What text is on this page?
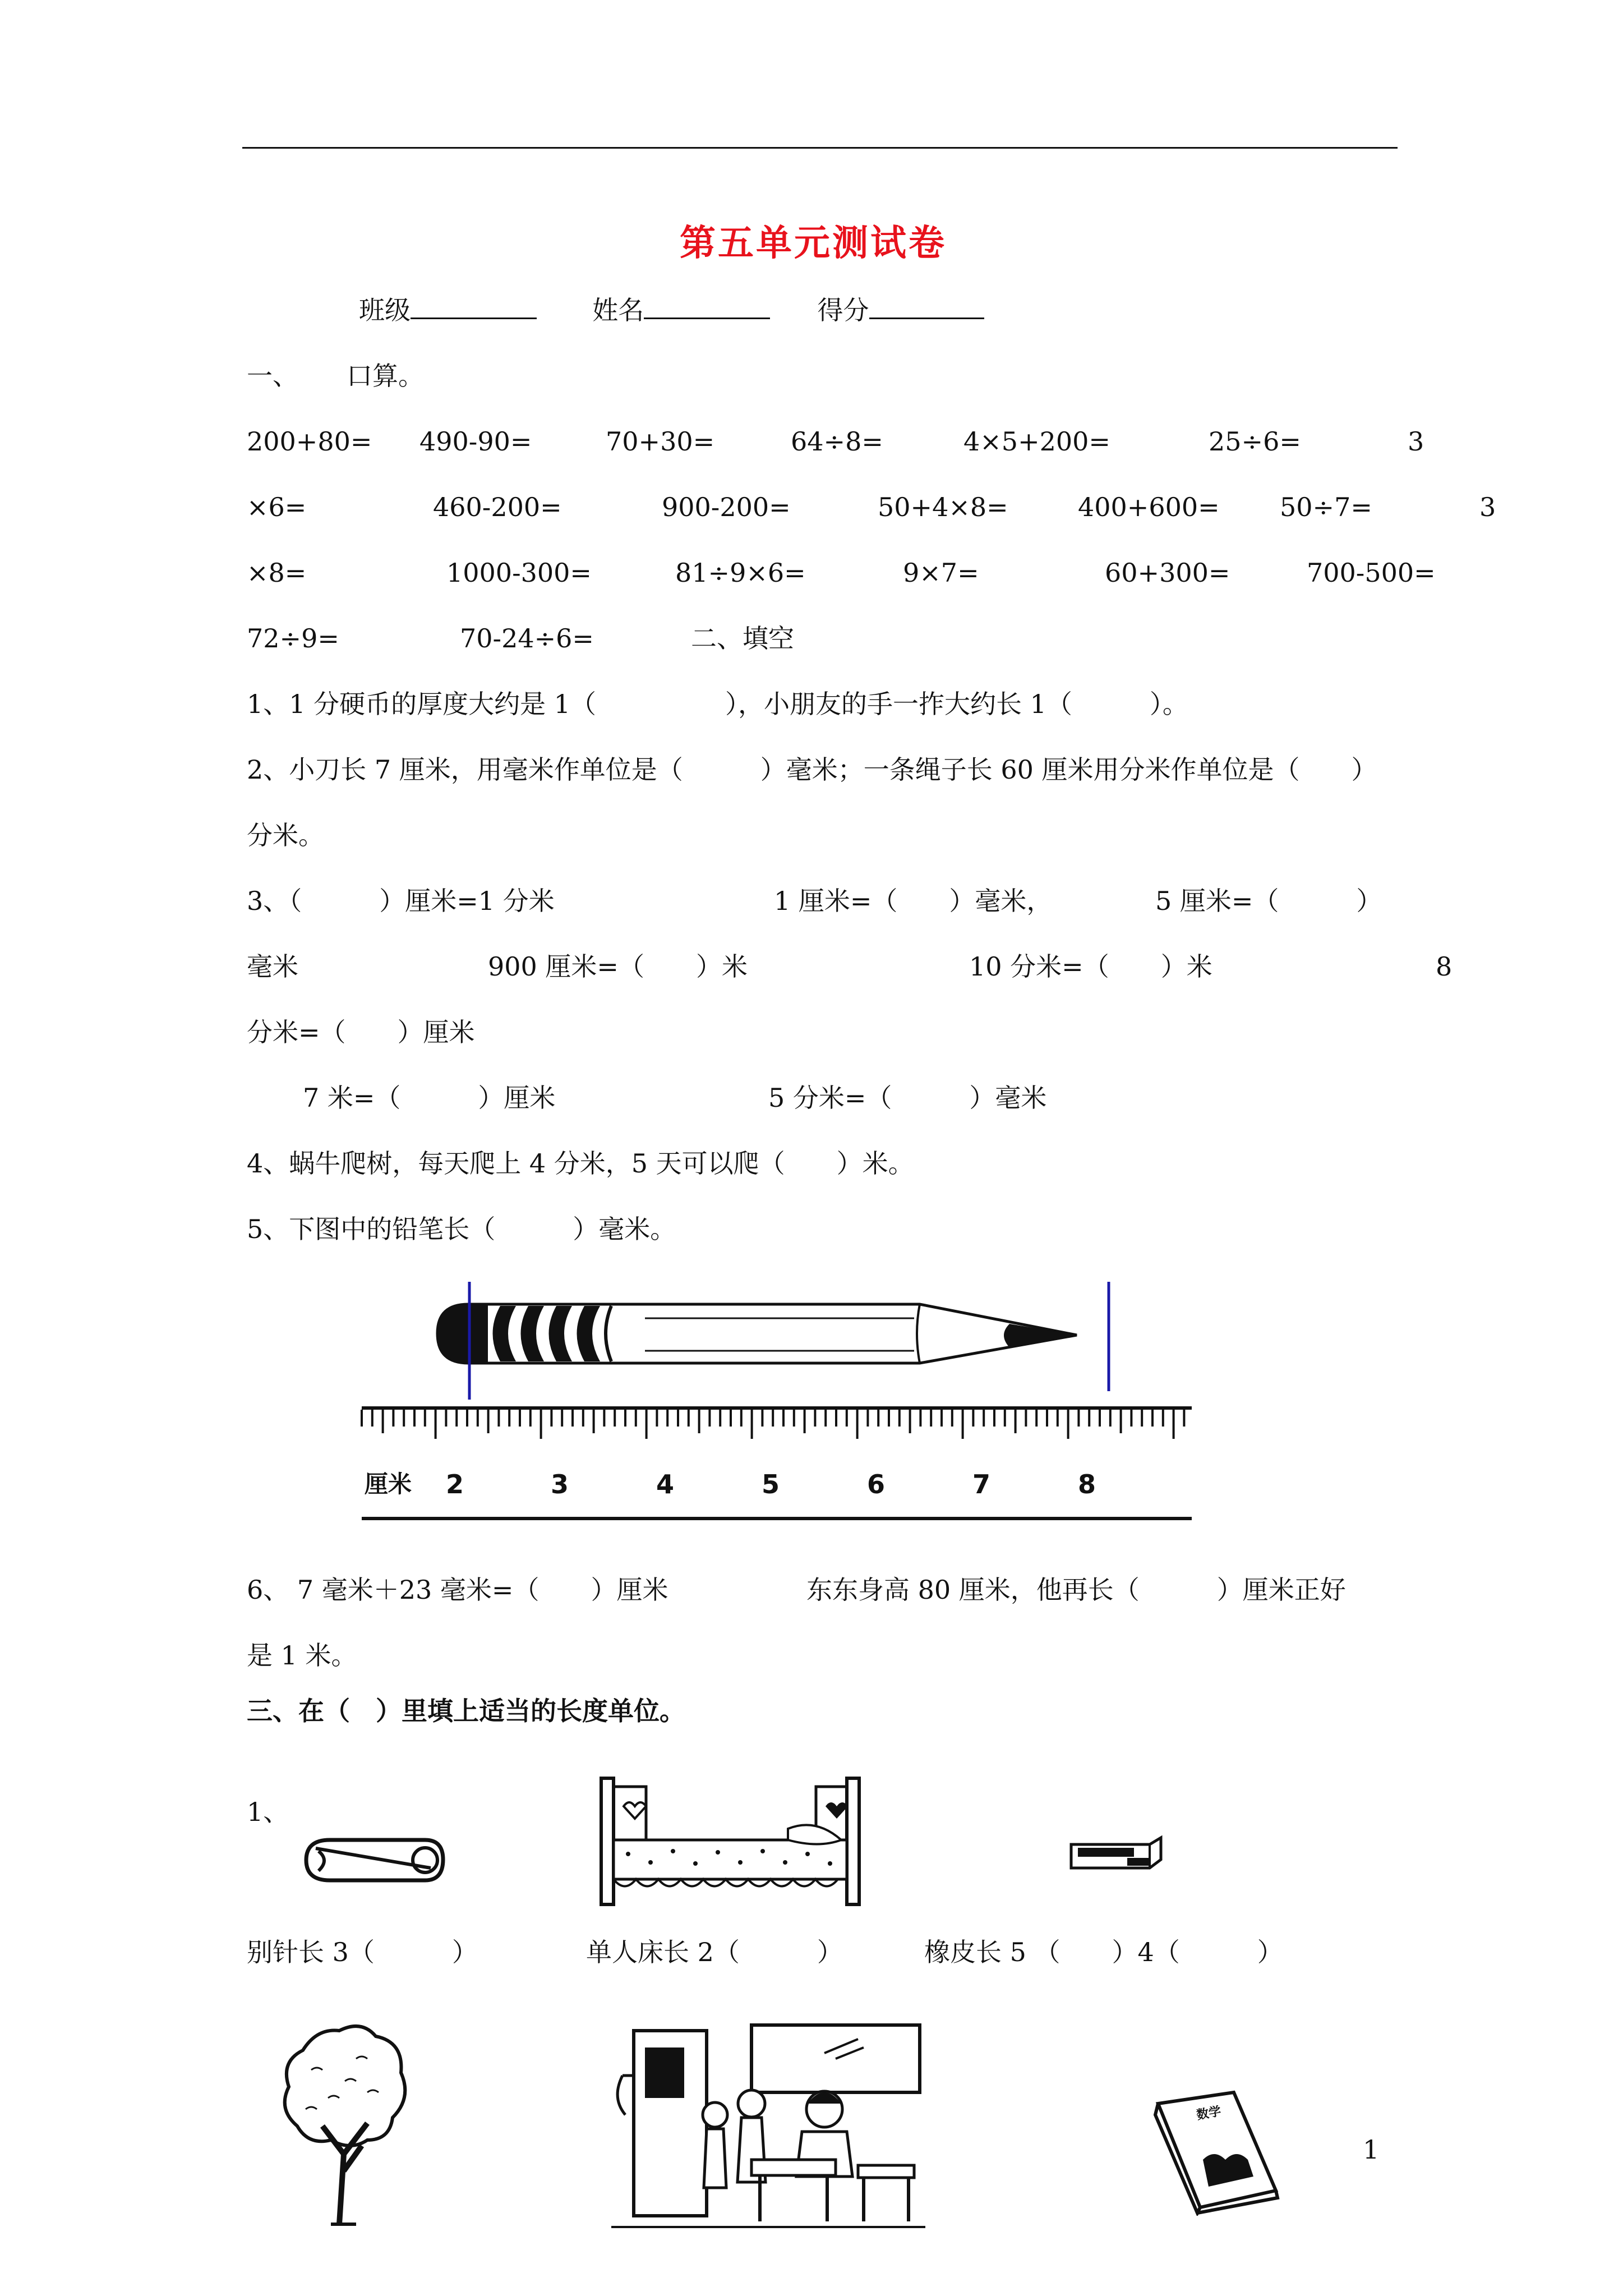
第五单元测试卷
班级	姓名	得分
一、 口算。
200+80= 490-90=	70+30=	64÷8=	4×5+200=	25÷6=	3
×6=	460-200=	900-200=	50+4×8=	400+600= 50÷7=	3
×8=	1000-300=	81÷9×6=	9×7=	60+300=	700-500=
72÷9=	70-24÷6=	二、填空
1、1 分硬币的厚度大约是 1（　　　　　），小朋友的手一拃大约长 1（　　　）。
2、小刀长 7 厘米，用毫米作单位是（　　　）毫米；一条绳子长 60 厘米用分米作单位是（　　）
分米。
3、（　　　）厘米=1 分米	1 厘米=（　　）毫米，	5 厘米=（　　　）
毫米	900 厘米=（　　）米	10 分米=（　　）米	8
分米=（　　）厘米
7 米=（　　　）厘米	5 分米=（　　　）毫米
4、蜗牛爬树，每天爬上 4 分米，5 天可以爬（　　）米。
5、下图中的铅笔长（　　　）毫米。
厘米 2	3	4	5	6	7	8
6、 7 毫米＋23 毫米=（　　）厘米	东东身高 80 厘米，他再长（　　　）厘米正好
是 1 米。
三、在（　）里填上适当的长度单位。
1、
别针长 3（　　　）	单人床长 2（　　　）	橡皮长 5 （　　）4（　　　）
数学
1
